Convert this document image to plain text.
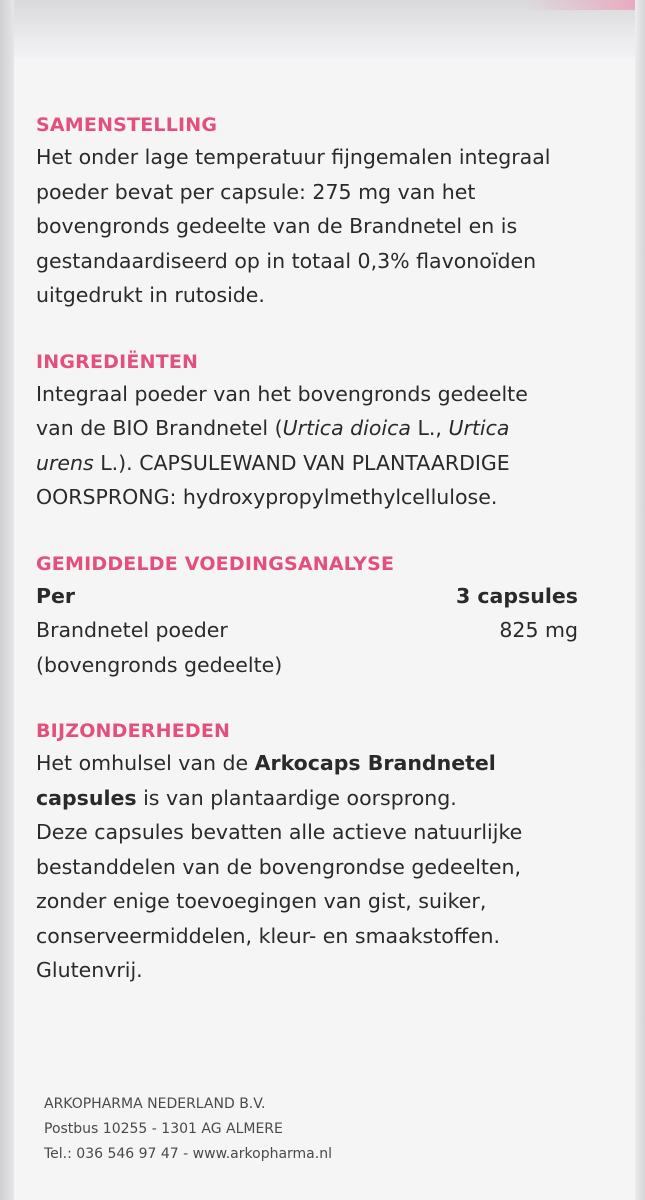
SAMENSTELLING

Het onder lage temperatuur fijngemalen integraal
poeder bevat per capsule: 275 mg van het
bovengronds gedeelte van de Brandnetel en is
gestandaardiseerd op in totaal 0,3% flavonoïden
uitgedrukt in rutoside.

INGREDIËNTEN

Integraal poeder van het bovengronds gedeelte
van de BIO Brandnetel (Urtica dioica L., Urtica
urens L.). CAPSULEWAND VAN PLANTAARDIGE
OORSPRONG: hydroxypropylmethylcellulose.

GEMIDDELDE VOEDINGSANALYSE

Per	3 capsules
Brandnetel poeder	825 mg
(bovengronds gedeelte)

BIJZONDERHEDEN

Het omhulsel van de Arkocaps Brandnetel
capsules is van plantaardige oorsprong.
Deze capsules bevatten alle actieve natuurlijke
bestanddelen van de bovengrondse gedeelten,
zonder enige toevoegingen van gist, suiker,
conserveermiddelen, kleur- en smaakstoffen.
Glutenvrij.

ARKOPHARMA NEDERLAND B.V.
Postbus 10255 - 1301 AG ALMERE
Tel.: 036 546 97 47 - www.arkopharma.nl
